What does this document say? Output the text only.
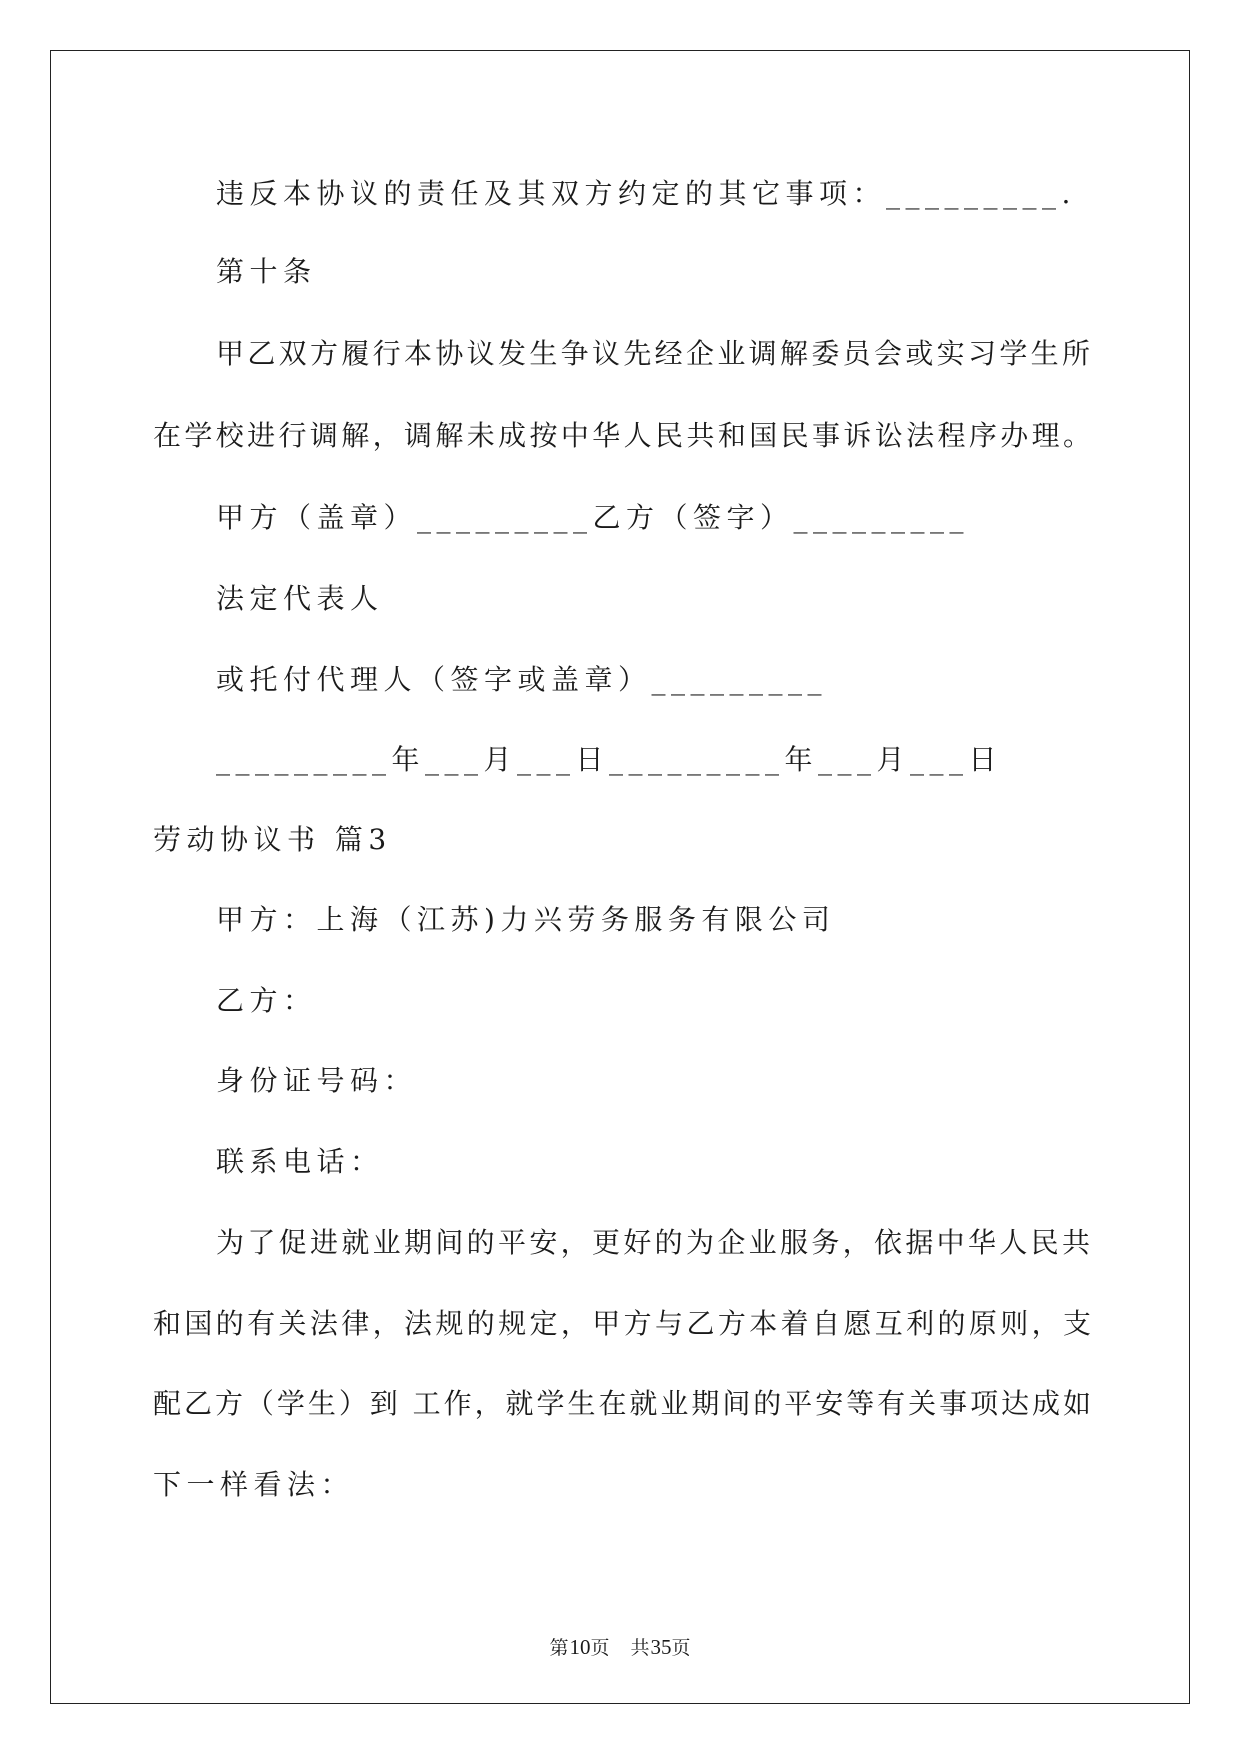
违反本协议的责任及其双方约定的其它事项：_________.
第十条
甲乙双方履行本协议发生争议先经企业调解委员会或实习学生所
在学校进行调解，调解未成按中华人民共和国民事诉讼法程序办理。
甲方（盖章）_________乙方（签字）_________
法定代表人
或托付代理人（签字或盖章）_________
_________年___月___日_________年___月___日
劳动协议书 篇3
甲方：上海（江苏)力兴劳务服务有限公司
乙方：
身份证号码：
联系电话：
为了促进就业期间的平安，更好的为企业服务，依据中华人民共
和国的有关法律，法规的规定，甲方与乙方本着自愿互利的原则，支
配乙方（学生）到 工作，就学生在就业期间的平安等有关事项达成如
下一样看法：
第10页　共35页
